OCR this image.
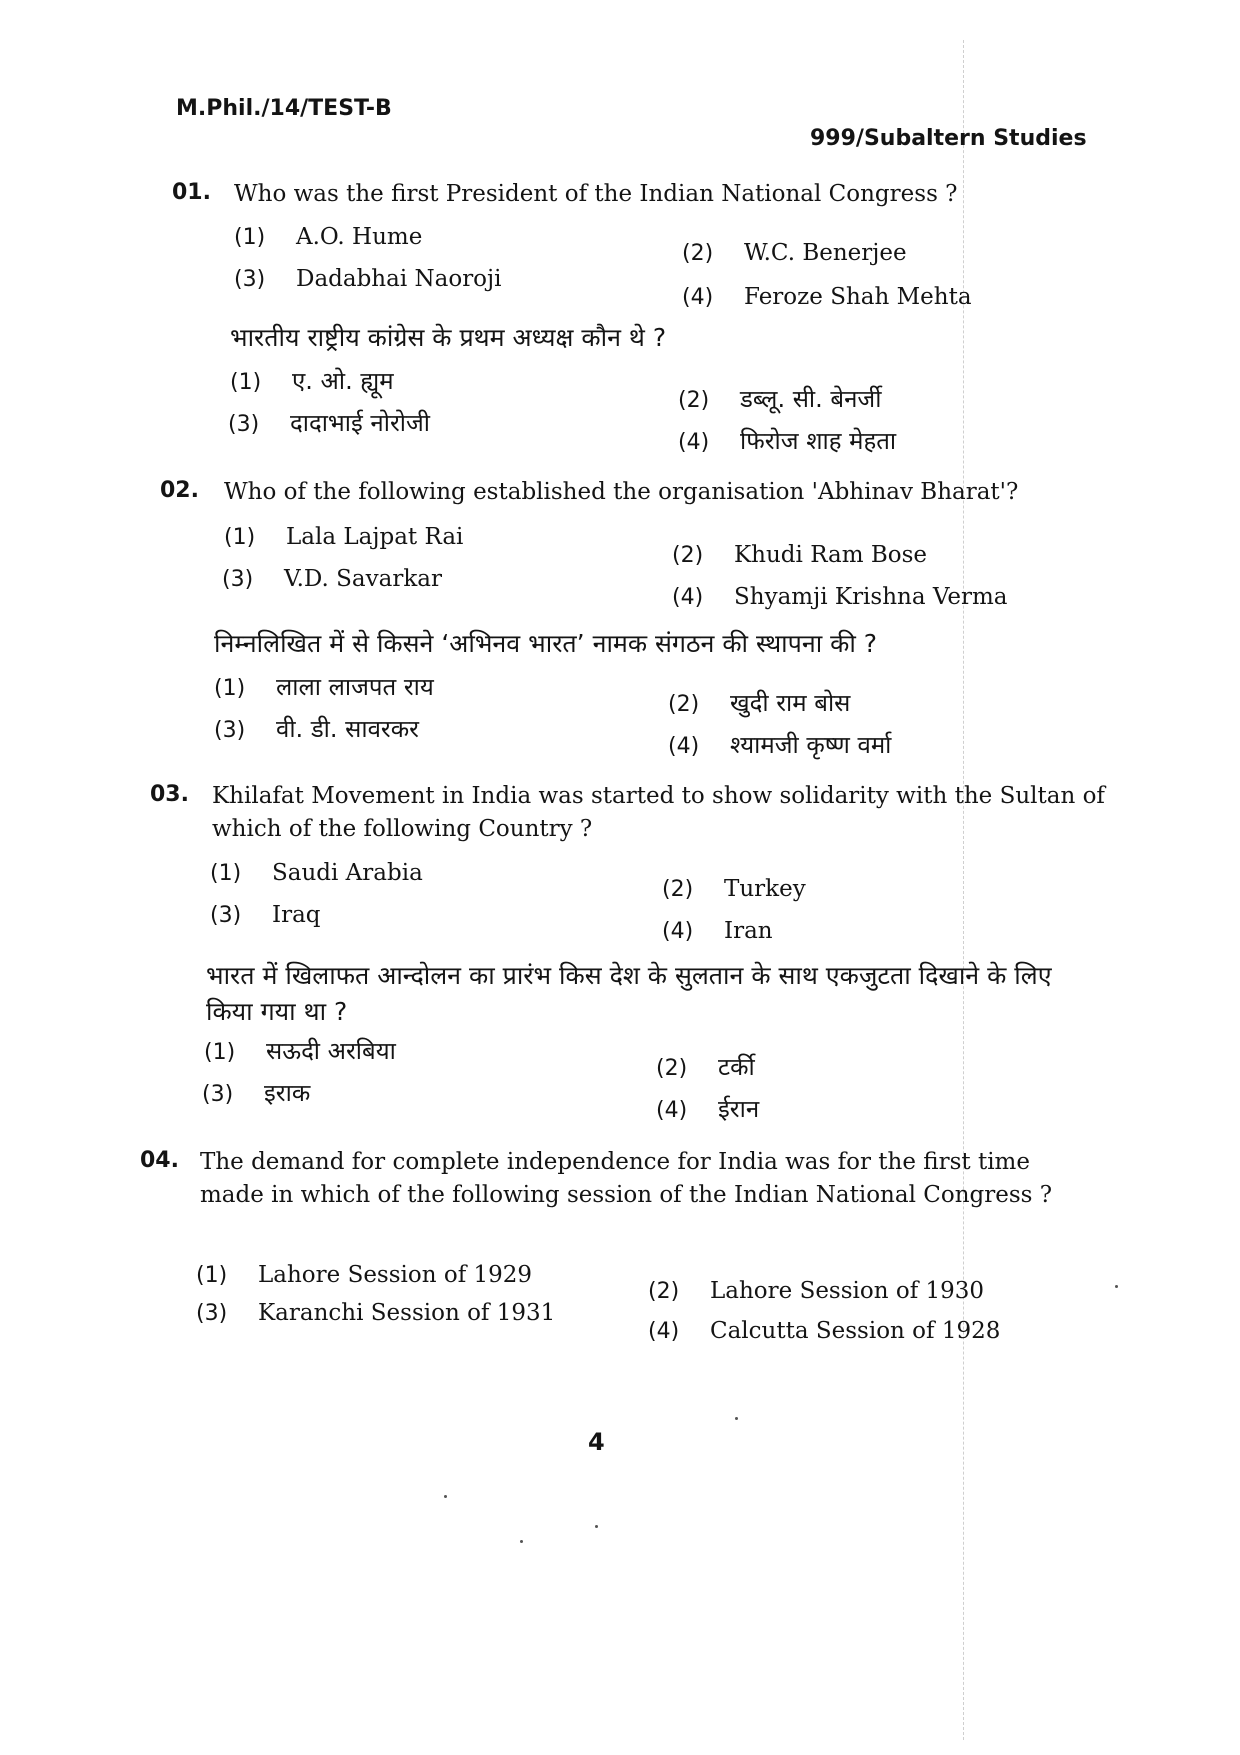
M.Phil./14/TEST-B
999/Subaltern Studies
01. Who was the first President of the Indian National Congress ?
(1) A.O. Hume
(2) W.C. Benerjee
(3) Dadabhai Naoroji
(4) Feroze Shah Mehta
भारतीय राष्ट्रीय कांग्रेस के प्रथम अध्यक्ष कौन थे ?
(1) ए. ओ. ह्यूम
(2) डब्लू. सी. बेनर्जी
(3) दादाभाई नोरोजी
(4) फिरोज शाह मेहता
02. Who of the following established the organisation 'Abhinav Bharat'?
(1) Lala Lajpat Rai
(2) Khudi Ram Bose
(3) V.D. Savarkar
(4) Shyamji Krishna Verma
निम्नलिखित में से किसने ‘अभिनव भारत’ नामक संगठन की स्थापना की ?
(1) लाला लाजपत राय
(2) खुदी राम बोस
(3) वी. डी. सावरकर
(4) श्यामजी कृष्ण वर्मा
03. Khilafat Movement in India was started to show solidarity with the Sultan of which of the following Country ?
(1) Saudi Arabia
(2) Turkey
(3) Iraq
(4) Iran
भारत में खिलाफत आन्दोलन का प्रारंभ किस देश के सुलतान के साथ एकजुटता दिखाने के लिए किया गया था ?
(1) सऊदी अरबिया
(2) टर्की
(3) इराक
(4) ईरान
04. The demand for complete independence for India was for the first time made in which of the following session of the Indian National Congress ?
(1) Lahore Session of 1929
(2) Lahore Session of 1930
(3) Karanchi Session of 1931
(4) Calcutta Session of 1928
4
